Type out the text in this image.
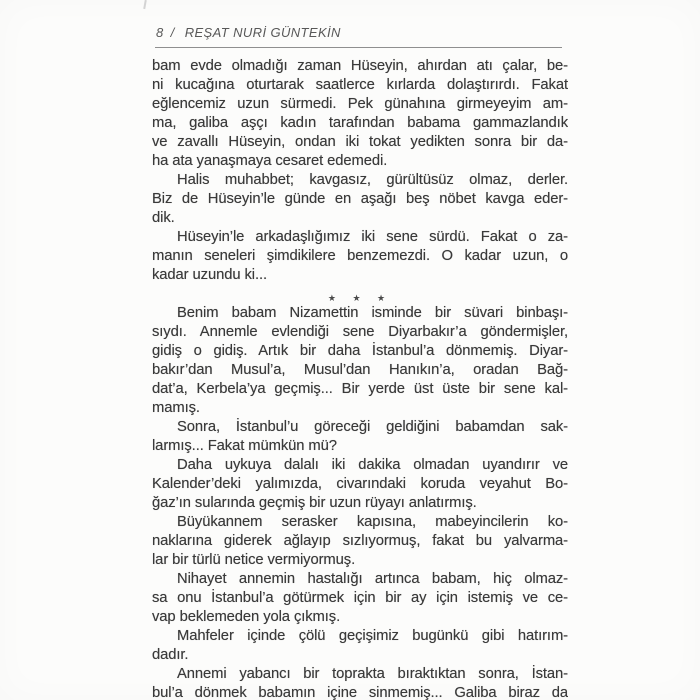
8 / REŞAT NURİ GÜNTEKİN
bam evde olmadığı zaman Hüseyin, ahırdan atı çalar, be-
ni kucağına oturtarak saatlerce kırlarda dolaştırırdı. Fakat
eğlencemiz uzun sürmedi. Pek günahına girmeyeyim am-
ma, galiba aşçı kadın tarafından babama gammazlandık
ve zavallı Hüseyin, ondan iki tokat yedikten sonra bir da-
ha ata yanaşmaya cesaret edemedi.
Halis muhabbet; kavgasız, gürültüsüz olmaz, derler.
Biz de Hüseyin’le günde en aşağı beş nöbet kavga eder-
dik.
Hüseyin’le arkadaşlığımız iki sene sürdü. Fakat o za-
manın seneleri şimdikilere benzemezdi. O kadar uzun, o
kadar uzundu ki...
★ ★ ★
Benim babam Nizamettin isminde bir süvari binbaşı-
sıydı. Annemle evlendiği sene Diyarbakır’a göndermişler,
gidiş o gidiş. Artık bir daha İstanbul’a dönmemiş. Diyar-
bakır’dan Musul’a, Musul’dan Hanıkın’a, oradan Bağ-
dat’a, Kerbela’ya geçmiş... Bir yerde üst üste bir sene kal-
mamış.
Sonra, İstanbul’u göreceği geldiğini babamdan sak-
larmış... Fakat mümkün mü?
Daha uykuya dalalı iki dakika olmadan uyandırır ve
Kalender’deki yalımızda, civarındaki koruda veyahut Bo-
ğaz’ın sularında geçmiş bir uzun rüyayı anlatırmış.
Büyükannem serasker kapısına, mabeyincilerin ko-
naklarına giderek ağlayıp sızlıyormuş, fakat bu yalvarma-
lar bir türlü netice vermiyormuş.
Nihayet annemin hastalığı artınca babam, hiç olmaz-
sa onu İstanbul’a götürmek için bir ay için istemiş ve ce-
vap beklemeden yola çıkmış.
Mahfeler içinde çölü geçişimiz bugünkü gibi hatırım-
dadır.
Annemi yabancı bir toprakta bıraktıktan sonra, İstan-
bul’a dönmek babamın içine sinmemiş... Galiba biraz da
